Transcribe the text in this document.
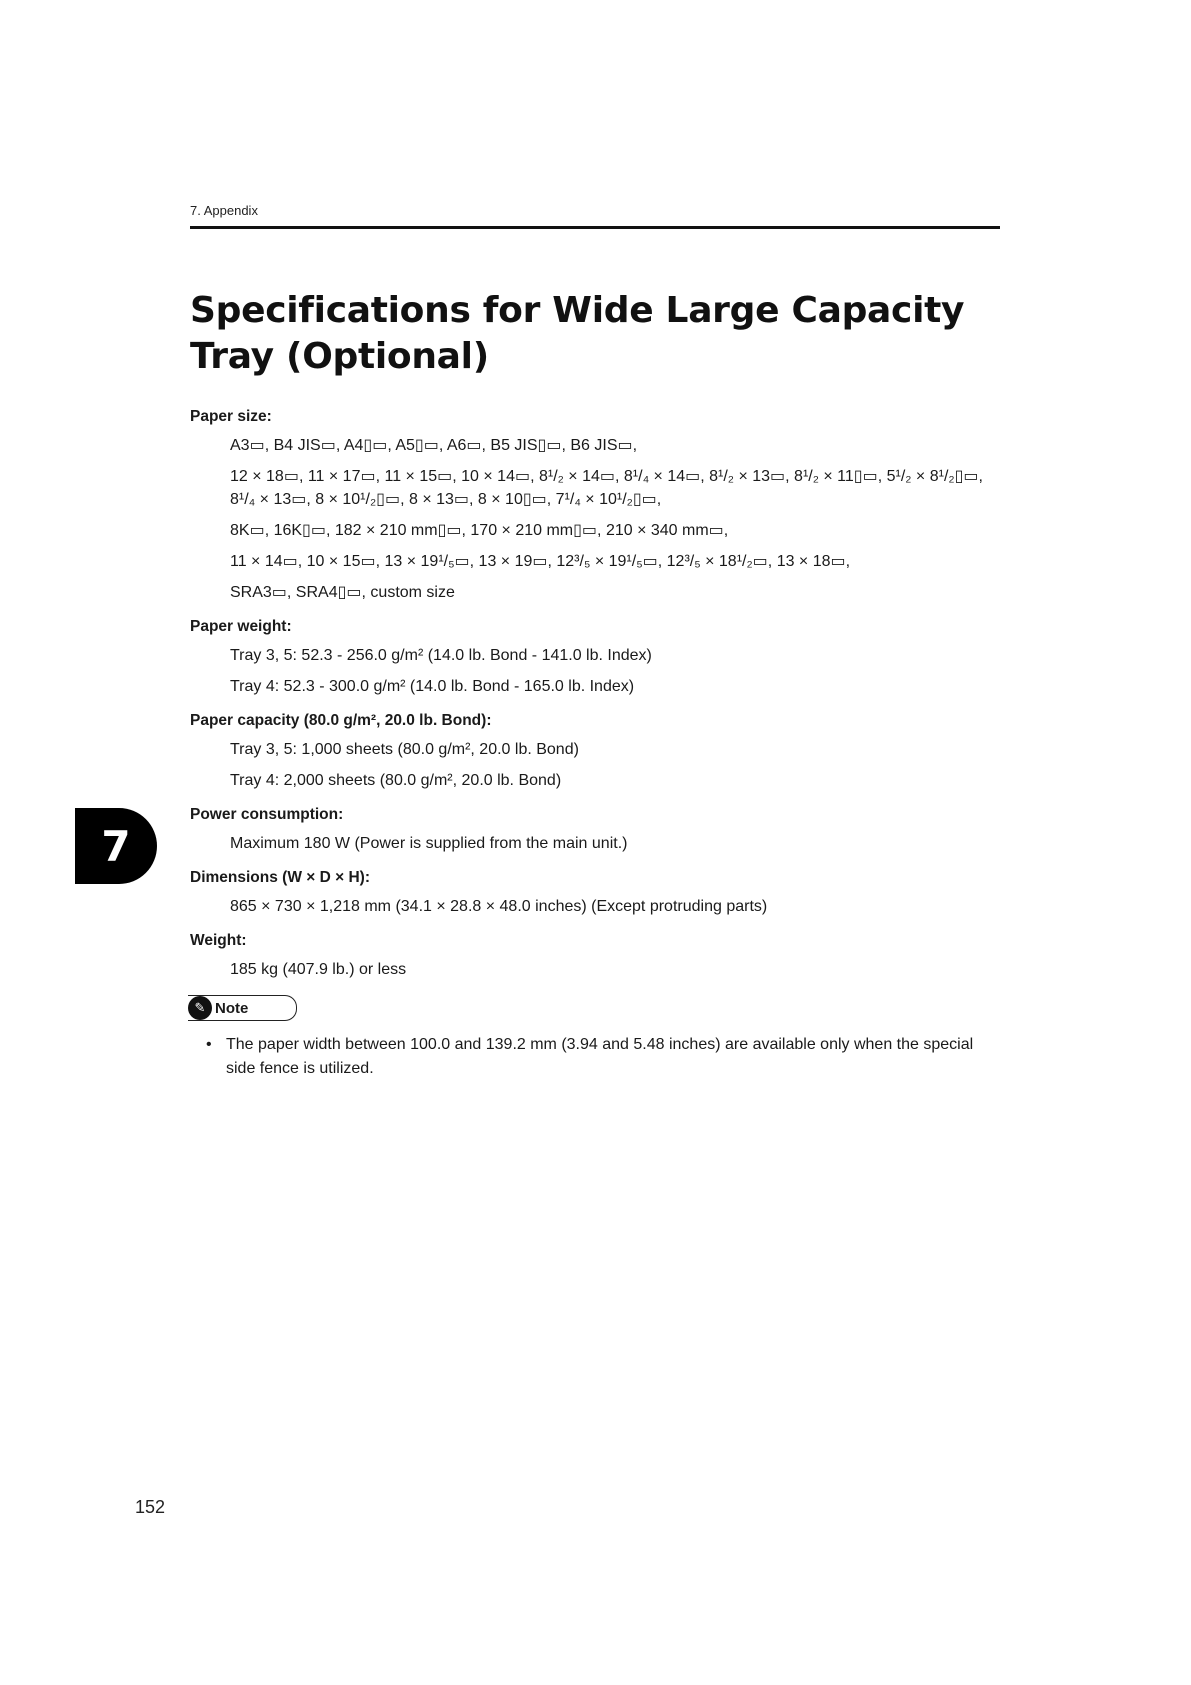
7. Appendix
Specifications for Wide Large Capacity Tray (Optional)
Paper size:
A3▭, B4 JIS▭, A4▯▭, A5▯▭, A6▭, B5 JIS▯▭, B6 JIS▭,
12 × 18▭, 11 × 17▭, 11 × 15▭, 10 × 14▭, 8¹/₂ × 14▭, 8¹/₄ × 14▭, 8¹/₂ × 13▭, 8¹/₂ × 11▯▭, 5¹/₂ × 8¹/₂▯▭, 8¹/₄ × 13▭, 8 × 10¹/₂▯▭, 8 × 13▭, 8 × 10▯▭, 7¹/₄ × 10¹/₂▯▭,
8K▭, 16K▯▭, 182 × 210 mm▯▭, 170 × 210 mm▯▭, 210 × 340 mm▭,
11 × 14▭, 10 × 15▭, 13 × 19¹/₅▭, 13 × 19▭, 12³/₅ × 19¹/₅▭, 12³/₅ × 18¹/₂▭, 13 × 18▭,
SRA3▭, SRA4▯▭, custom size
Paper weight:
Tray 3, 5: 52.3 - 256.0 g/m² (14.0 lb. Bond - 141.0 lb. Index)
Tray 4: 52.3 - 300.0 g/m² (14.0 lb. Bond - 165.0 lb. Index)
Paper capacity (80.0 g/m², 20.0 lb. Bond):
Tray 3, 5: 1,000 sheets (80.0 g/m², 20.0 lb. Bond)
Tray 4: 2,000 sheets (80.0 g/m², 20.0 lb. Bond)
Power consumption:
Maximum 180 W (Power is supplied from the main unit.)
Dimensions (W × D × H):
865 × 730 × 1,218 mm (34.1 × 28.8 × 48.0 inches) (Except protruding parts)
Weight:
185 kg (407.9 lb.) or less
✎ Note
• The paper width between 100.0 and 139.2 mm (3.94 and 5.48 inches) are available only when the special side fence is utilized.
7
152
